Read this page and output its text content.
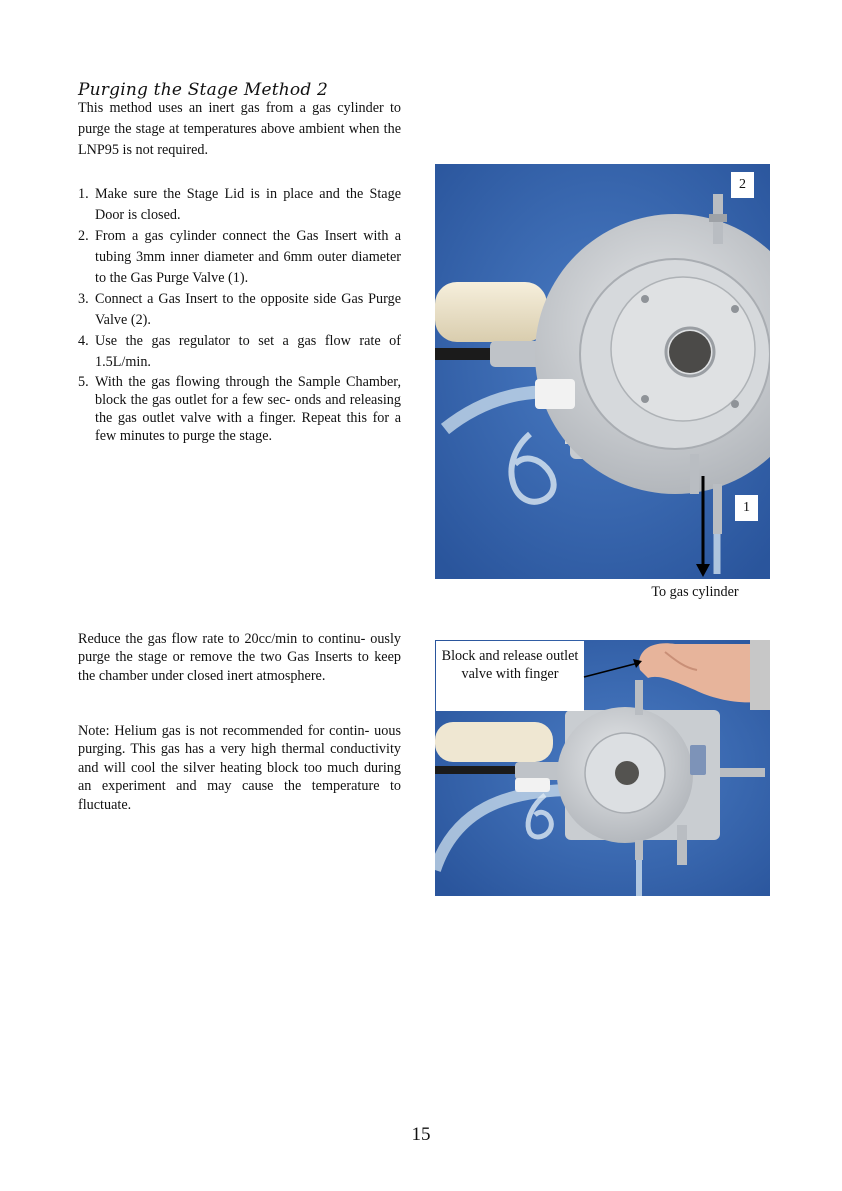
Purging the Stage Method 2
This method uses an inert gas from a gas cylinder to purge the stage at temperatures above ambient when the LNP95 is not required.
1. Make sure the Stage Lid is in place and the Stage Door is closed.
2. From a gas cylinder connect the Gas Insert with a tubing 3mm inner diameter and 6mm outer diameter to the Gas Purge Valve (1).
3. Connect a Gas Insert to the opposite side Gas Purge Valve (2).
4. Use the gas regulator to set a gas flow rate of 1.5L/min.
5. With the gas flowing through the Sample Chamber, block the gas outlet for a few sec- onds and releasing the gas outlet valve with a finger. Repeat this for a few minutes to purge the stage.
Reduce the gas flow rate to 20cc/min to continu- ously purge the stage or remove the two Gas Inserts to keep the chamber under closed inert atmosphere.
Note: Helium gas is not recommended for contin- uous purging. This gas has a very high thermal conductivity and will cool the silver heating block too much during an experiment and may cause the temperature to fluctuate.
2
1
To gas cylinder
Block and release outlet valve with finger
15
